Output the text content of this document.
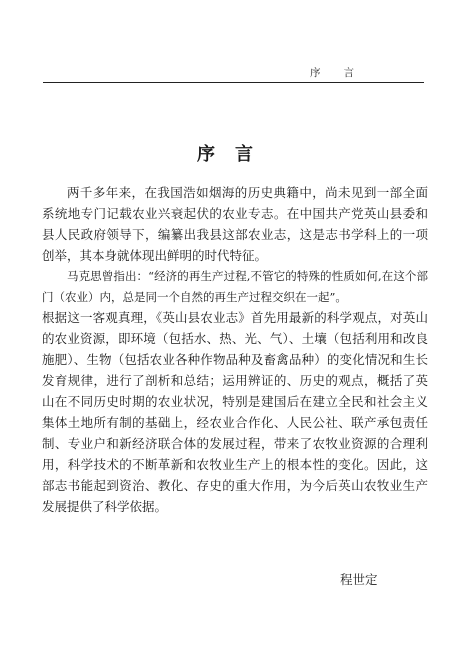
序言
序言

两千多年来，在我国浩如烟海的历史典籍中，尚未见到一部全面系统地专门记载农业兴衰起伏的农业专志。在中国共产党英山县委和县人民政府领导下，编纂出我县这部农业志，这是志书学科上的一项创举，其本身就体现出鲜明的时代特征。

马克思曾指出：“经济的再生产过程,不管它的特殊的性质如何,在这个部门（农业）内，总是同一个自然的再生产过程交织在一起”。

根据这一客观真理，《英山县农业志》首先用最新的科学观点，对英山的农业资源，即环境（包括水、热、光、气）、土壤（包括利用和改良施肥）、生物（包括农业各种作物品种及畜禽品种）的变化情况和生长发育规律，进行了剖析和总结；运用辨证的、历史的观点，概括了英山在不同历史时期的农业状况，特别是建国后在建立全民和社会主义集体土地所有制的基础上，经农业合作化、人民公社、联产承包责任制、专业户和新经济联合体的发展过程，带来了农牧业资源的合理利用，科学技术的不断革新和农牧业生产上的根本性的变化。因此，这部志书能起到资治、教化、存史的重大作用，为今后英山农牧业生产发展提供了科学依据。

程世定
